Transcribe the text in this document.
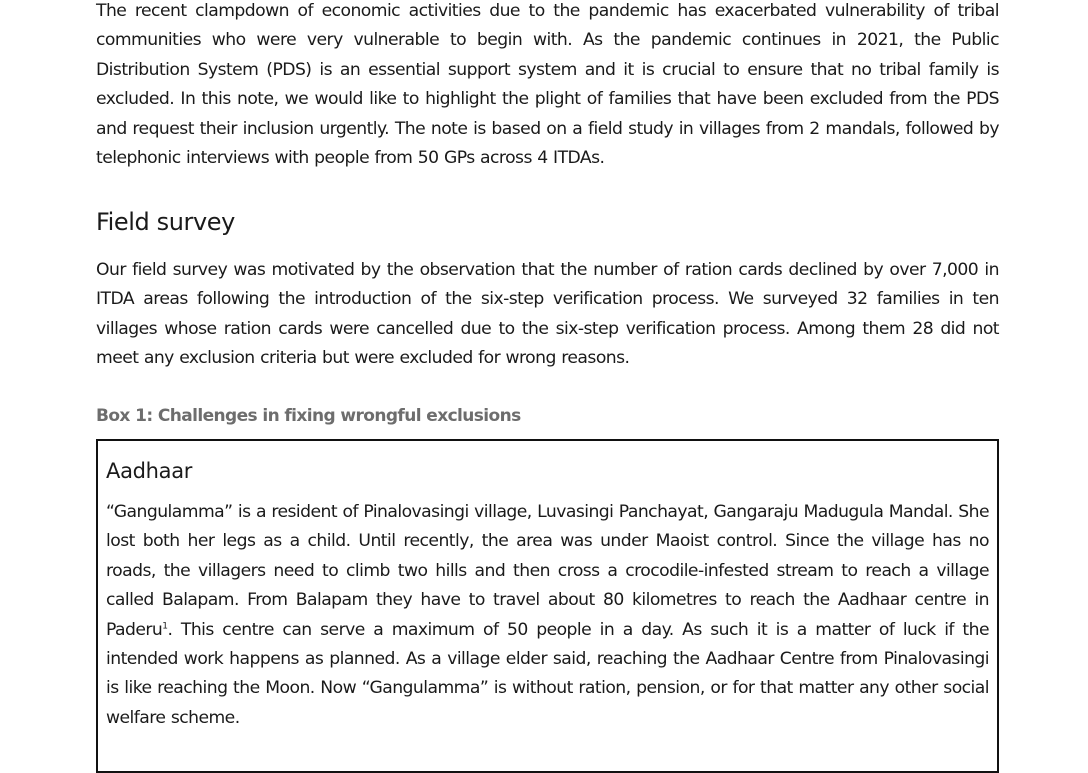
The recent clampdown of economic activities due to the pandemic has exacerbated vulnerability of tribal communities who were very vulnerable to begin with. As the pandemic continues in 2021, the Public Distribution System (PDS) is an essential support system and it is crucial to ensure that no tribal family is excluded. In this note, we would like to highlight the plight of families that have been excluded from the PDS and request their inclusion urgently. The note is based on a field study in villages from 2 mandals, followed by telephonic interviews with people from 50 GPs across 4 ITDAs.

Field survey

Our field survey was motivated by the observation that the number of ration cards declined by over 7,000 in ITDA areas following the introduction of the six-step verification process. We surveyed 32 families in ten villages whose ration cards were cancelled due to the six-step verification process. Among them 28 did not meet any exclusion criteria but were excluded for wrong reasons.

Box 1: Challenges in fixing wrongful exclusions

Aadhaar

“Gangulamma” is a resident of Pinalovasingi village, Luvasingi Panchayat, Gangaraju Madugula Mandal. She lost both her legs as a child. Until recently, the area was under Maoist control. Since the village has no roads, the villagers need to climb two hills and then cross a crocodile-infested stream to reach a village called Balapam. From Balapam they have to travel about 80 kilometres to reach the Aadhaar centre in Paderu$^1$. This centre can serve a maximum of 50 people in a day. As such it is a matter of luck if the intended work happens as planned. As a village elder said, reaching the Aadhaar Centre from Pinalovasingi is like reaching the Moon. Now “Gangulamma” is without ration, pension, or for that matter any other social welfare scheme.
